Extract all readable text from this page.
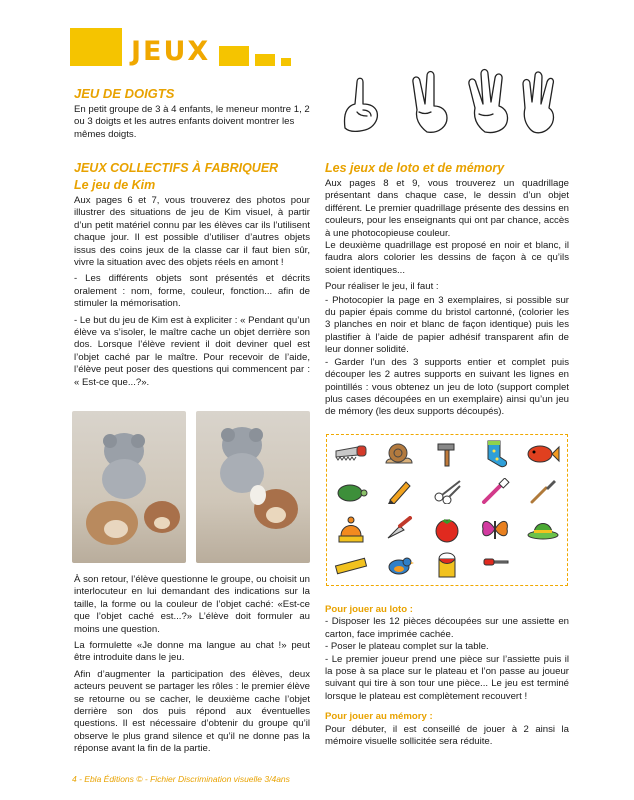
JEUX
JEU DE DOIGTS
En petit groupe de 3 à 4 enfants, le meneur montre 1, 2 ou 3 doigts et les autres enfants doivent montrer les mêmes doigts.
JEUX COLLECTIFS À FABRIQUER
Le jeu de Kim

Aux pages 6 et 7, vous trouverez des photos pour illustrer des situations de jeu de Kim visuel, à partir d’un petit matériel connu par les élèves car ils l’utilisent chaque jour. Il est possible d’utiliser d’autres objets issus des coins jeux de la classe car il faut bien sûr, vivre la situation avec des objets réels en amont !

- Les différents objets sont présentés et décrits oralement : nom, forme, couleur, fonction... afin de stimuler la mémorisation.

- Le but du jeu de Kim est à expliciter : « Pendant qu’un élève va s’isoler, le maître cache un objet derrière son dos. Lorsque l’élève revient il doit deviner quel est l’objet caché par le maître. Pour recevoir de l’aide, l’élève peut poser des questions qui commencent par : « Est-ce que...?».

À son retour, l’élève questionne le groupe, ou choisit un interlocuteur en lui demandant des indications sur la taille, la forme ou la couleur de l’objet caché: «Est-ce que l’objet caché est...?» L’élève doit formuler au moins une question.

La formulette «Je donne ma langue au chat !» peut être introduite dans le jeu.

Afin d’augmenter la participation des élèves, deux acteurs peuvent se partager les rôles : le premier élève se retourne ou se cacher, le deuxième cache l’objet derrière son dos puis répond aux éventuelles questions. Il est nécessaire d’obtenir du groupe qu’il observe le plus grand silence et qu’il ne donne pas la réponse avant la fin de la partie.

Les jeux de loto et de mémory

Aux pages 8 et 9, vous trouverez un quadrillage présentant dans chaque case, le dessin d’un objet différent. Le premier quadrillage présente des dessins en couleurs, pour les enseignants qui ont par chance, accès à une photocopieuse couleur.

Le deuxième quadrillage est proposé en noir et blanc, il faudra alors colorier les dessins de façon à ce qu’ils soient identiques...

Pour réaliser le jeu, il faut :

- Photocopier la page en 3 exemplaires, si possible sur du papier épais comme du bristol cartonné, (colorier les 3 planches en noir et blanc de façon identique) puis les plastifier à l’aide de papier adhésif transparent afin de leur donner solidité.

- Garder l’un des 3 supports entier et complet puis découper les 2 autres supports en suivant les lignes en pointillés : vous obtenez un jeu de loto (support complet plus cases découpées en un exemplaire) ainsi qu’un jeu de mémory (les deux supports découpés).

Pour jouer au loto :
- Disposer les 12 pièces découpées sur une assiette en carton, face imprimée cachée.
- Poser le plateau complet sur la table.
- Le premier joueur prend une pièce sur l’assiette puis il la pose à sa place sur le plateau et l’on passe au joueur suivant qui tire à son tour une pièce... Le jeu est terminé lorsque le plateau est complètement recouvert !
Pour jouer au mémory :
Pour débuter, il est conseillé de jouer à 2 ainsi la mémoire visuelle sollicitée sera réduite.
4 - Ebla Éditions © - Fichier Discrimination visuelle 3/4ans
